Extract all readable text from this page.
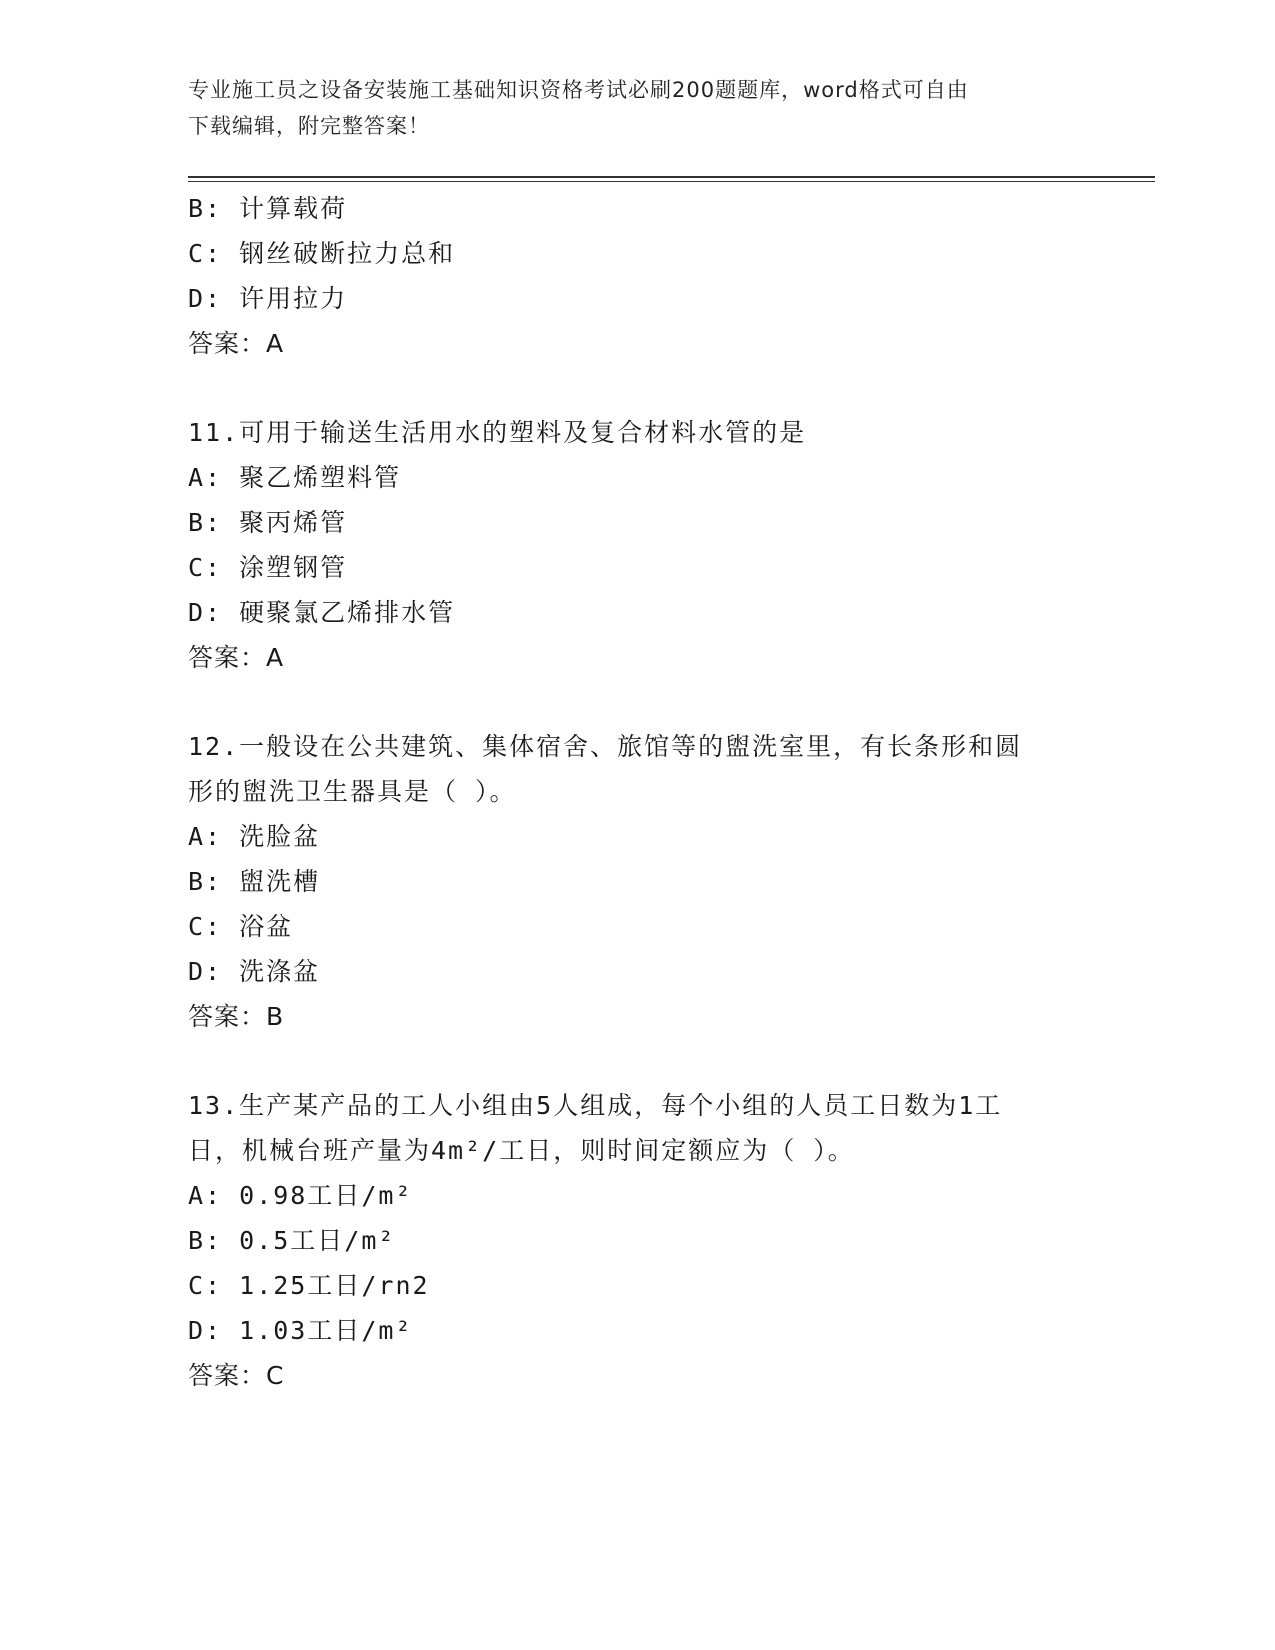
专业施工员之设备安装施工基础知识资格考试必刷200题题库，word格式可自由
下载编辑，附完整答案！
B: 计算载荷
C: 钢丝破断拉力总和
D: 许用拉力
答案：A
11.可用于输送生活用水的塑料及复合材料水管的是
A: 聚乙烯塑料管
B: 聚丙烯管
C: 涂塑钢管
D: 硬聚氯乙烯排水管
答案：A
12.一般设在公共建筑、集体宿舍、旅馆等的盥洗室里，有长条形和圆
形的盥洗卫生器具是（ ）。
A: 洗脸盆
B: 盥洗槽
C: 浴盆
D: 洗涤盆
答案：B
13.生产某产品的工人小组由5人组成，每个小组的人员工日数为1工
日，机械台班产量为4m²/工日，则时间定额应为（ ）。
A: 0.98工日/m²
B: 0.5工日/m²
C: 1.25工日/rn2
D: 1.03工日/m²
答案：C
